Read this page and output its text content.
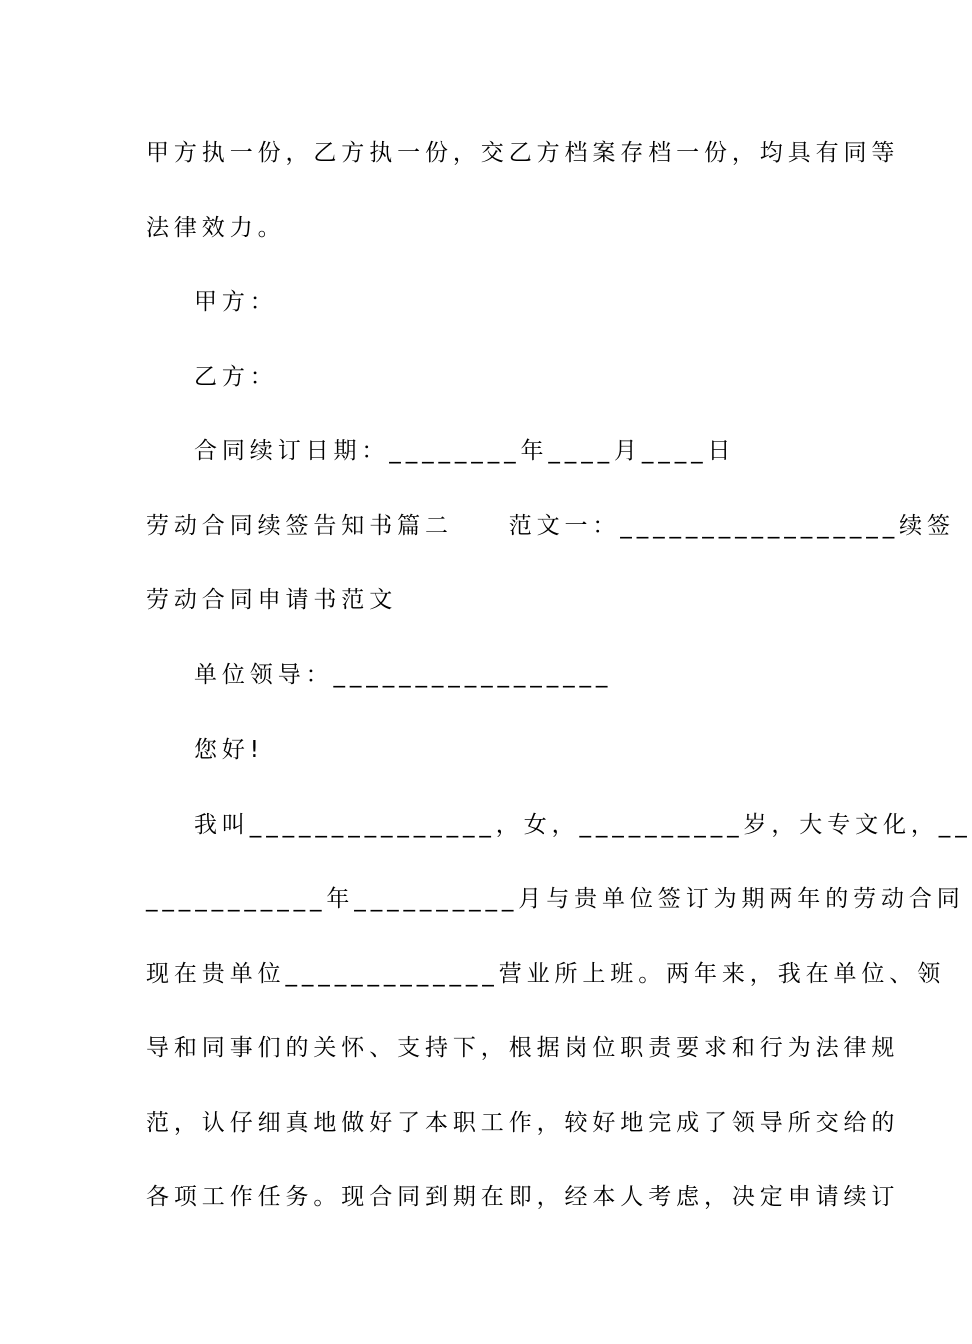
甲方执一份，乙方执一份，交乙方档案存档一份，均具有同等
法律效力。
甲方：
乙方：
合同续订日期：________年____月____日
劳动合同续签告知书篇二　　范文一：_________________续签
劳动合同申请书范文
单位领导：_________________
您好!
我叫_______________，女，__________岁，大专文化，__
___________年__________月与贵单位签订为期两年的劳动合同
现在贵单位_____________营业所上班。两年来，我在单位、领
导和同事们的关怀、支持下，根据岗位职责要求和行为法律规
范，认仔细真地做好了本职工作，较好地完成了领导所交给的
各项工作任务。现合同到期在即，经本人考虑，决定申请续订
